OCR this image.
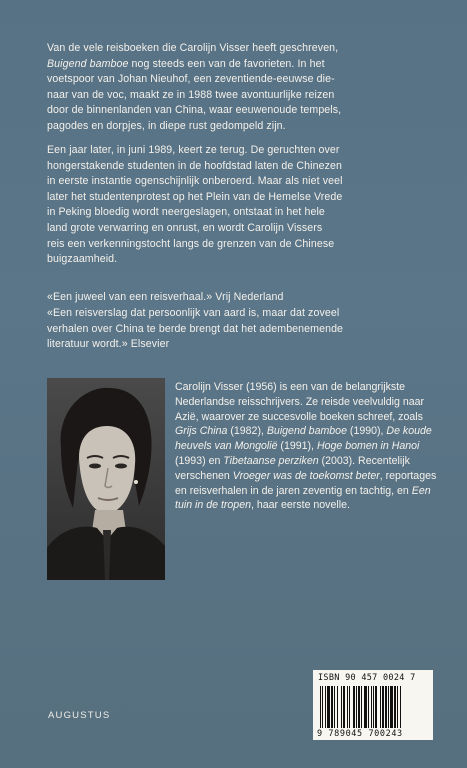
Van de vele reisboeken die Carolijn Visser heeft geschreven,
Buigend bamboe nog steeds een van de favorieten. In het
voetspoor van Johan Nieuhof, een zeventiende-eeuwse die-
naar van de voc, maakt ze in 1988 twee avontuurlijke reizen
door de binnenlanden van China, waar eeuwenoude tempels,
pagodes en dorpjes, in diepe rust gedompeld zijn.

Een jaar later, in juni 1989, keert ze terug. De geruchten over
hongerstakende studenten in de hoofdstad laten de Chinezen
in eerste instantie ogenschijnlijk onberoerd. Maar als niet veel
later het studentenprotest op het Plein van de Hemelse Vrede
in Peking bloedig wordt neergeslagen, ontstaat in het hele
land grote verwarring en onrust, en wordt Carolijn Vissers
reis een verkenningstocht langs de grenzen van de Chinese
buigzaamheid.

«Een juweel van een reisverhaal.» Vrij Nederland

«Een reisverslag dat persoonlijk van aard is, maar dat zoveel
verhalen over China te berde brengt dat het adembenemende
literatuur wordt.» Elsevier

Carolijn Visser (1956) is een van de belangrijkste Nederlandse reisschrijvers. Ze reisde veelvuldig naar Azië, waarover ze succesvolle boeken schreef, zoals Grijs China (1982), Buigend bamboe (1990), De koude heuvels van Mongolië (1991), Hoge bomen in Hanoi (1993) en Tibetaanse perziken (2003). Recentelijk verschenen Vroeger was de toekomst beter, reportages en reisverhalen in de jaren zeventig en tachtig, en Een tuin in de tropen, haar eerste novelle.

ISBN 90 457 0024 7
9 789045 700243
AUGUSTUS
